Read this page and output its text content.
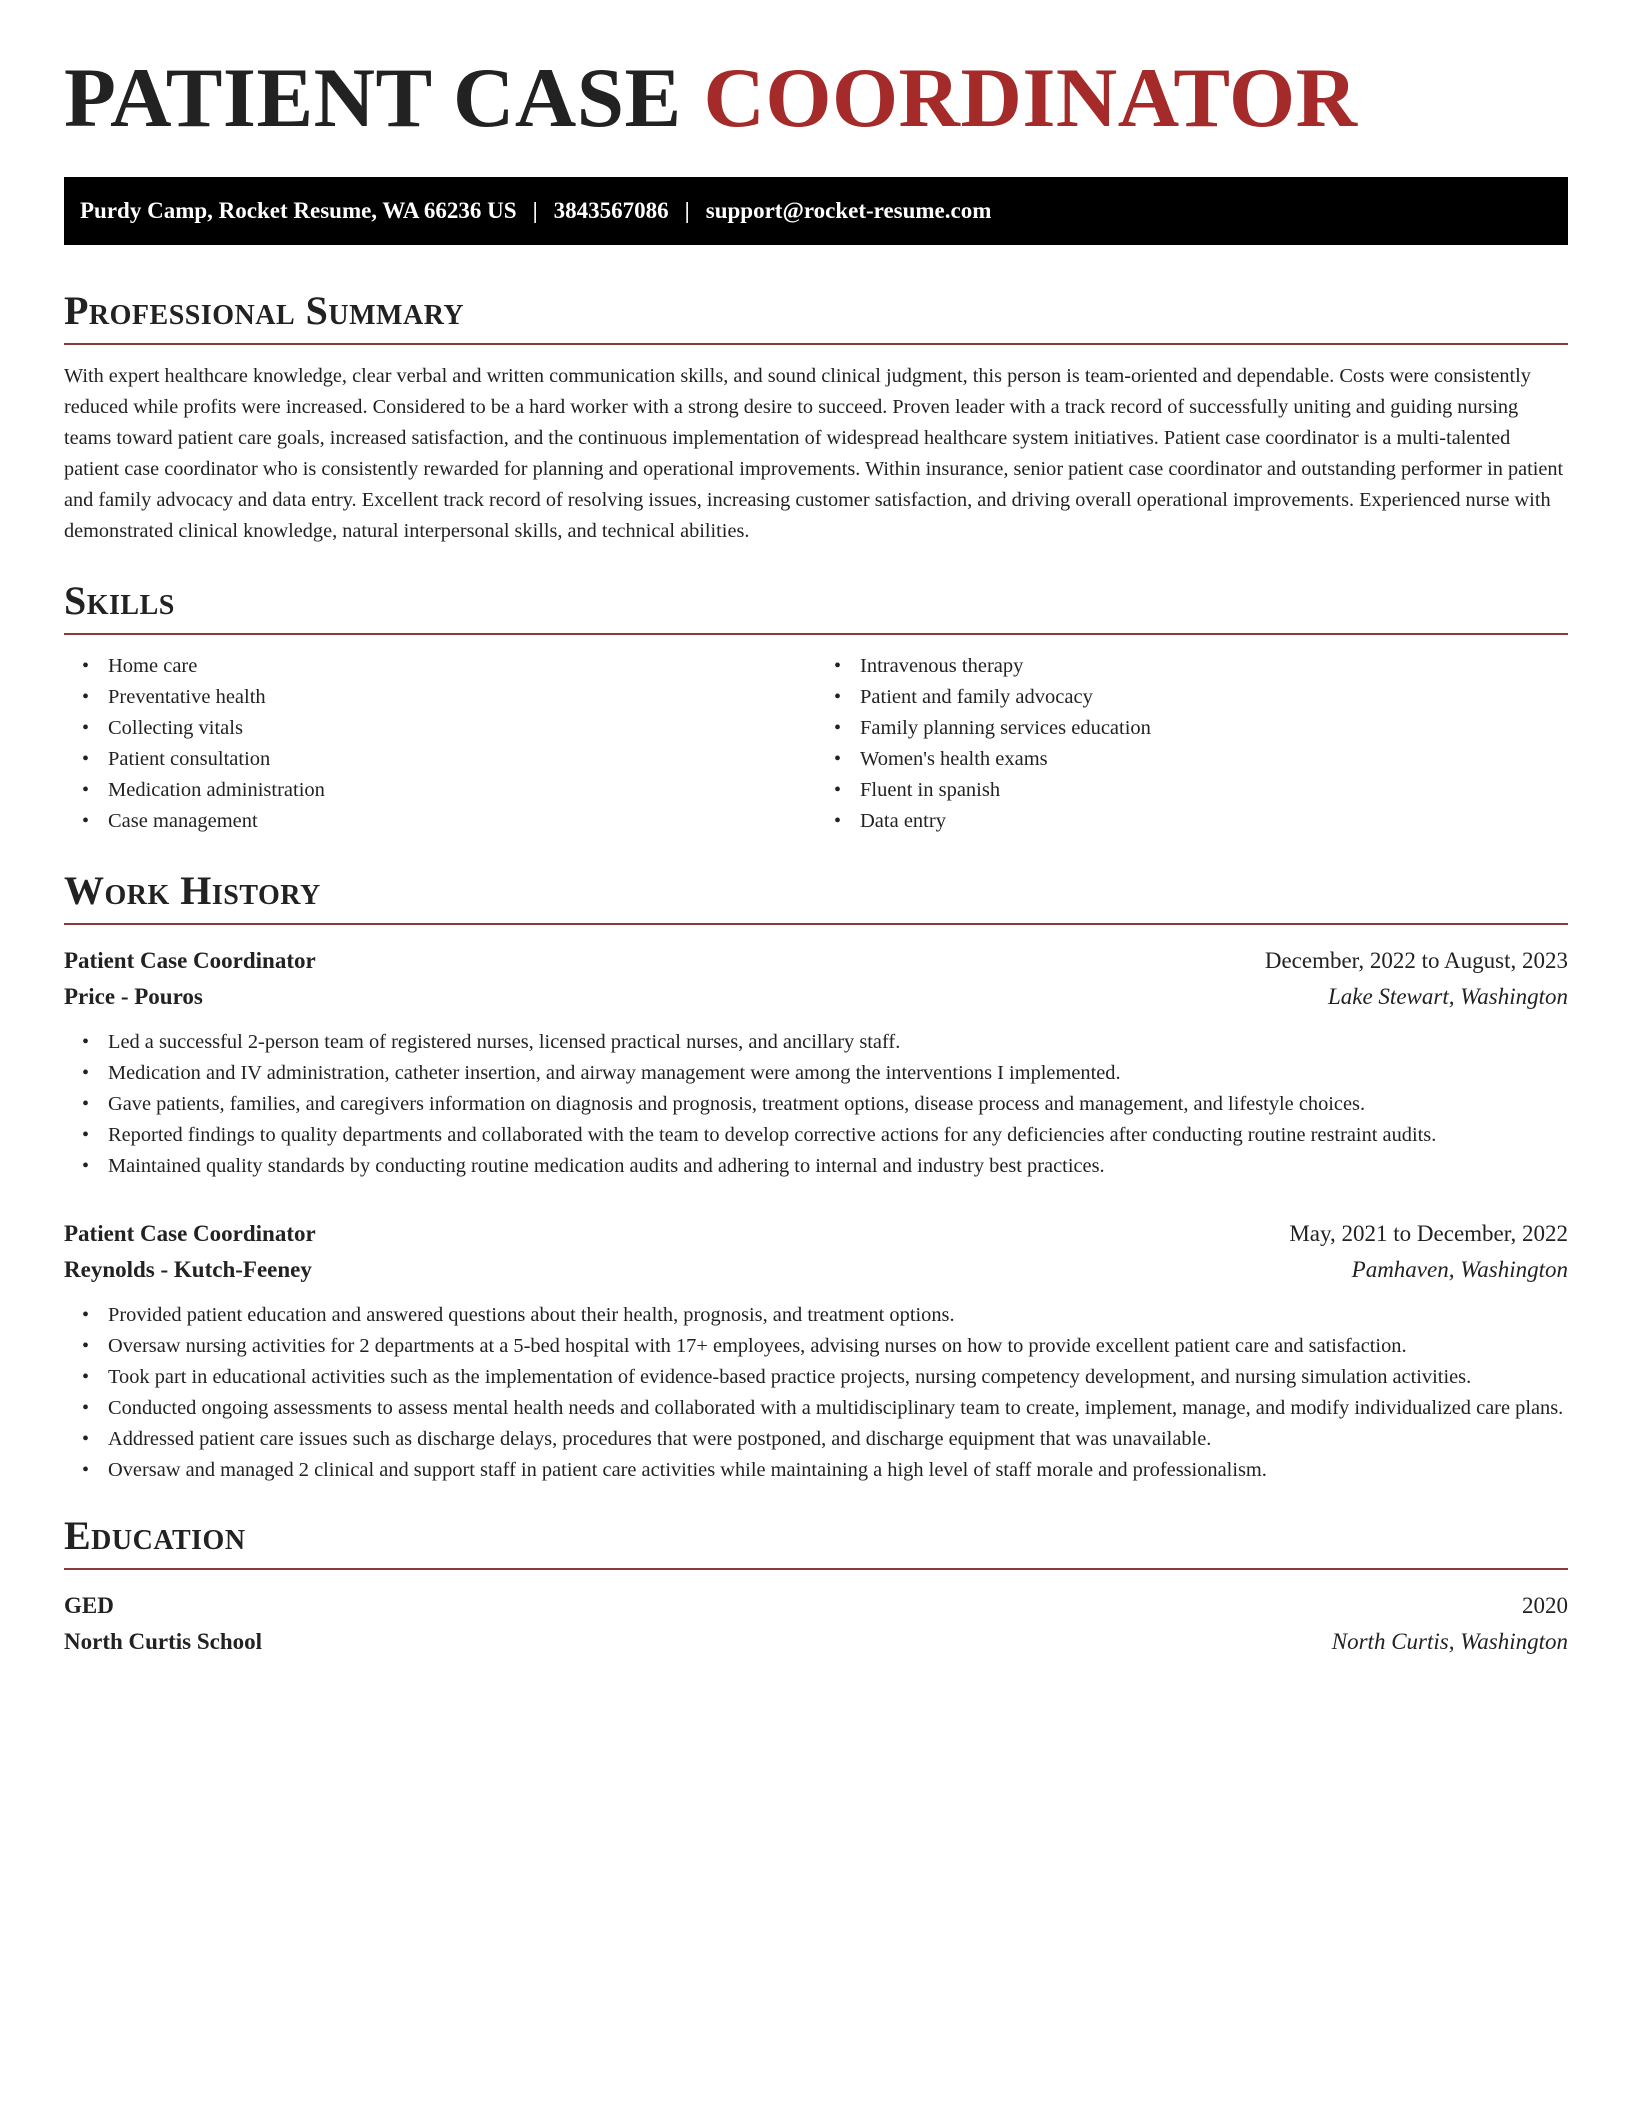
PATIENT CASE COORDINATOR
Purdy Camp, Rocket Resume, WA 66236 US | 3843567086 | support@rocket-resume.com
Professional Summary

With expert healthcare knowledge, clear verbal and written communication skills, and sound clinical judgment, this person is team-oriented and dependable. Costs were consistently reduced while profits were increased. Considered to be a hard worker with a strong desire to succeed. Proven leader with a track record of successfully uniting and guiding nursing teams toward patient care goals, increased satisfaction, and the continuous implementation of widespread healthcare system initiatives. Patient case coordinator is a multi-talented patient case coordinator who is consistently rewarded for planning and operational improvements. Within insurance, senior patient case coordinator and outstanding performer in patient and family advocacy and data entry. Excellent track record of resolving issues, increasing customer satisfaction, and driving overall operational improvements. Experienced nurse with demonstrated clinical knowledge, natural interpersonal skills, and technical abilities.

Skills
• Home care
• Preventative health
• Collecting vitals
• Patient consultation
• Medication administration
• Case management
• Intravenous therapy
• Patient and family advocacy
• Family planning services education
• Women's health exams
• Fluent in spanish
• Data entry
Work History
Patient Case Coordinator	December, 2022 to August, 2023
Price - Pouros	Lake Stewart, Washington
• Led a successful 2-person team of registered nurses, licensed practical nurses, and ancillary staff.
• Medication and IV administration, catheter insertion, and airway management were among the interventions I implemented.
• Gave patients, families, and caregivers information on diagnosis and prognosis, treatment options, disease process and management, and lifestyle choices.
• Reported findings to quality departments and collaborated with the team to develop corrective actions for any deficiencies after conducting routine restraint audits.
• Maintained quality standards by conducting routine medication audits and adhering to internal and industry best practices.
Patient Case Coordinator	May, 2021 to December, 2022
Reynolds - Kutch-Feeney	Pamhaven, Washington
• Provided patient education and answered questions about their health, prognosis, and treatment options.
• Oversaw nursing activities for 2 departments at a 5-bed hospital with 17+ employees, advising nurses on how to provide excellent patient care and satisfaction.
• Took part in educational activities such as the implementation of evidence-based practice projects, nursing competency development, and nursing simulation activities.
• Conducted ongoing assessments to assess mental health needs and collaborated with a multidisciplinary team to create, implement, manage, and modify individualized care plans.
• Addressed patient care issues such as discharge delays, procedures that were postponed, and discharge equipment that was unavailable.
• Oversaw and managed 2 clinical and support staff in patient care activities while maintaining a high level of staff morale and professionalism.
Education
GED	2020
North Curtis School	North Curtis, Washington
